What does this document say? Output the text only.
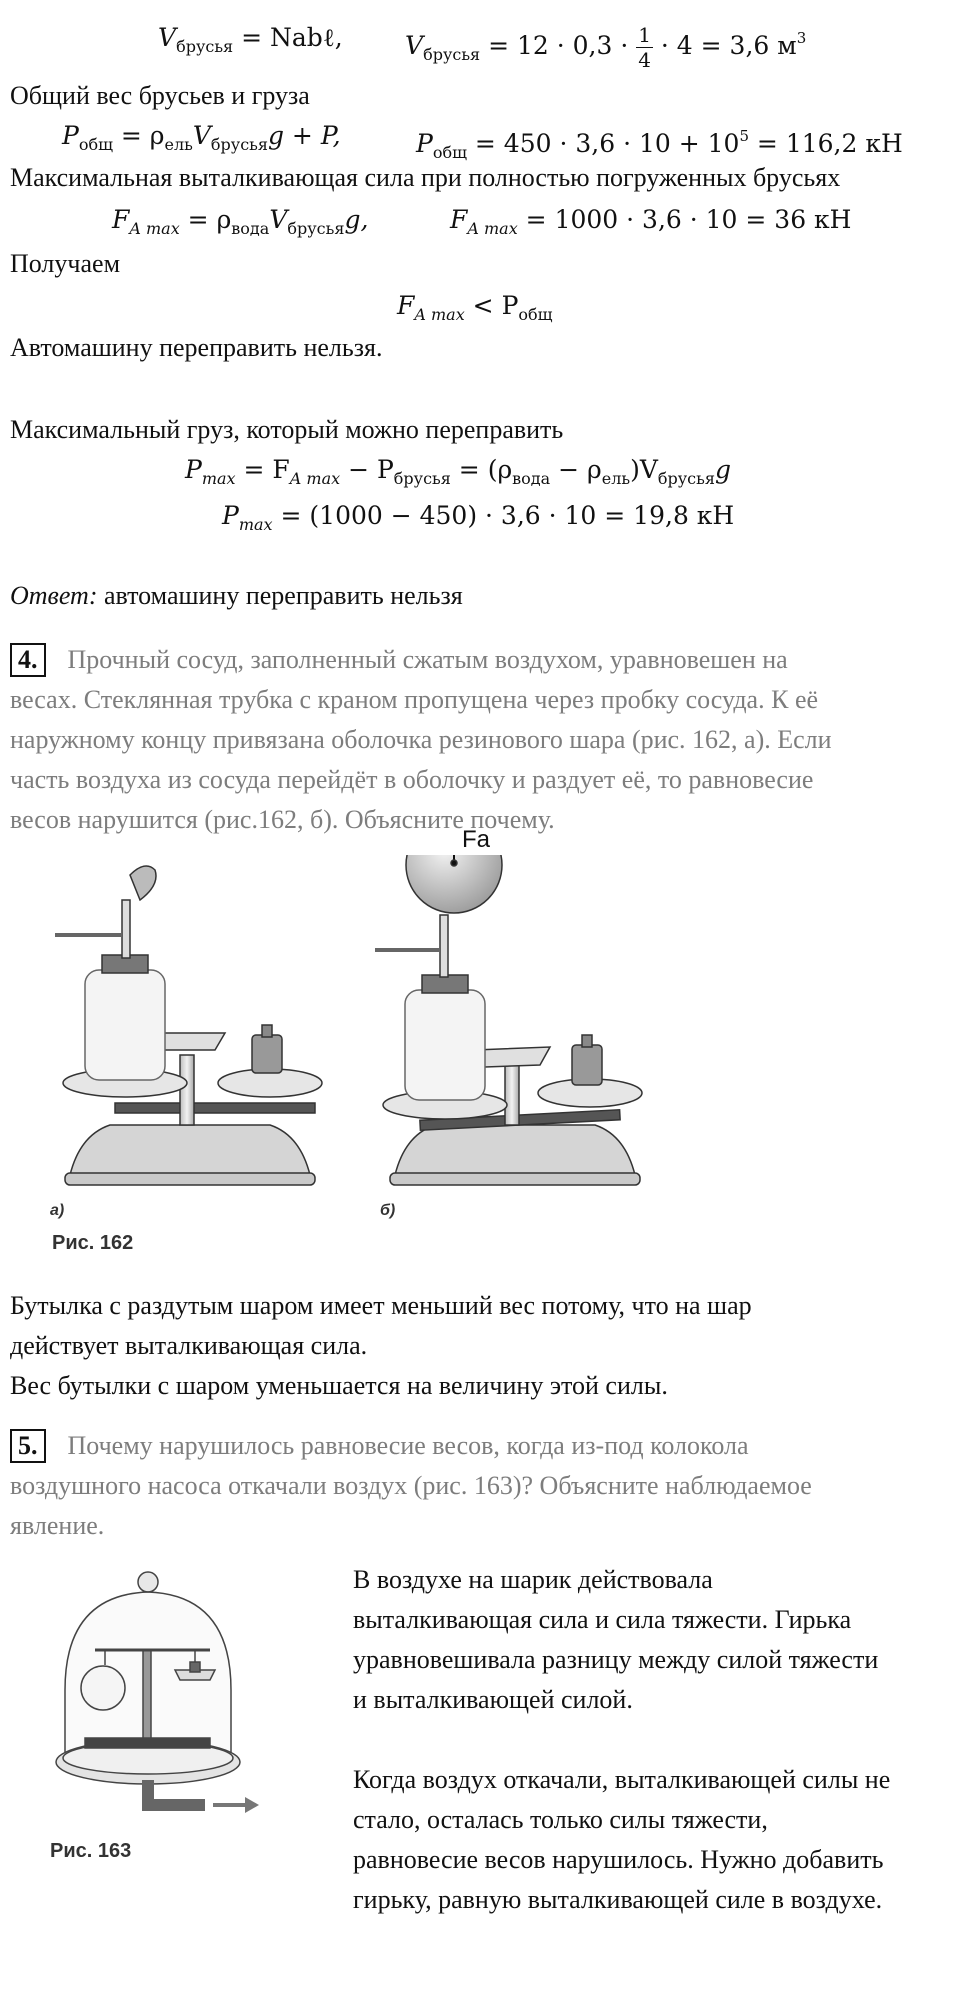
$V_{брусья}$ = Nabℓ, $V_{брусья} = 12 \cdot 0,3 \cdot \frac{1}{4} \cdot 4 = 3,6$ $м^3$
Общий вес брусьев и груза
$P_{общ} = \rho_{ель}V_{брусья}g + P$,	$P_{общ} = 450 \cdot 3,6 \cdot 10 + 10^5 = 116,2$ кН
Максимальная выталкивающая сила при полностью погруженных брусьях
$F_{A max} = \rho_{вода}V_{брусья}g$,	$F_{A max} = 1000 \cdot 3,6 \cdot 10 = 36$ кН
Получаем
$F_{A max} < P_{общ}$
Автомашину переправить нельзя.
Максимальный груз, который можно переправить
$P_{max} = F_{A max} - P_{брусья} = (\rho_{вода} - \rho_{ель})V_{брусья}g$
$P_{max} = (1000 - 450) \cdot 3,6 \cdot 10 = 19,8$ кН
Ответ: автомашину переправить нельзя
4. Прочный сосуд, заполненный сжатым воздухом, уравновешен на
весах. Стеклянная трубка с краном пропущена через пробку сосуда. К её
наружному концу привязана оболочка резинового шара (рис. 162, а). Если
часть воздуха из сосуда перейдёт в оболочку и раздует её, то равновесие
весов нарушится (рис.162, б). Объясните почему.
Fa
а)	б)
Рис. 162
Бутылка с раздутым шаром имеет меньший вес потому, что на шар
действует выталкивающая сила.
Вес бутылки с шаром уменьшается на величину этой силы.
5. Почему нарушилось равновесие весов, когда из-под колокола
воздушного насоса откачали воздух (рис. 163)? Объясните наблюдаемое
явление.
Рис. 163
В воздухе на шарик действовала
выталкивающая сила и сила тяжести. Гирька
уравновешивала разницу между силой тяжести
и выталкивающей силой.
Когда воздух откачали, выталкивающей силы не
стало, осталась только силы тяжести,
равновесие весов нарушилось. Нужно добавить
гирьку, равную выталкивающей силе в воздухе.
